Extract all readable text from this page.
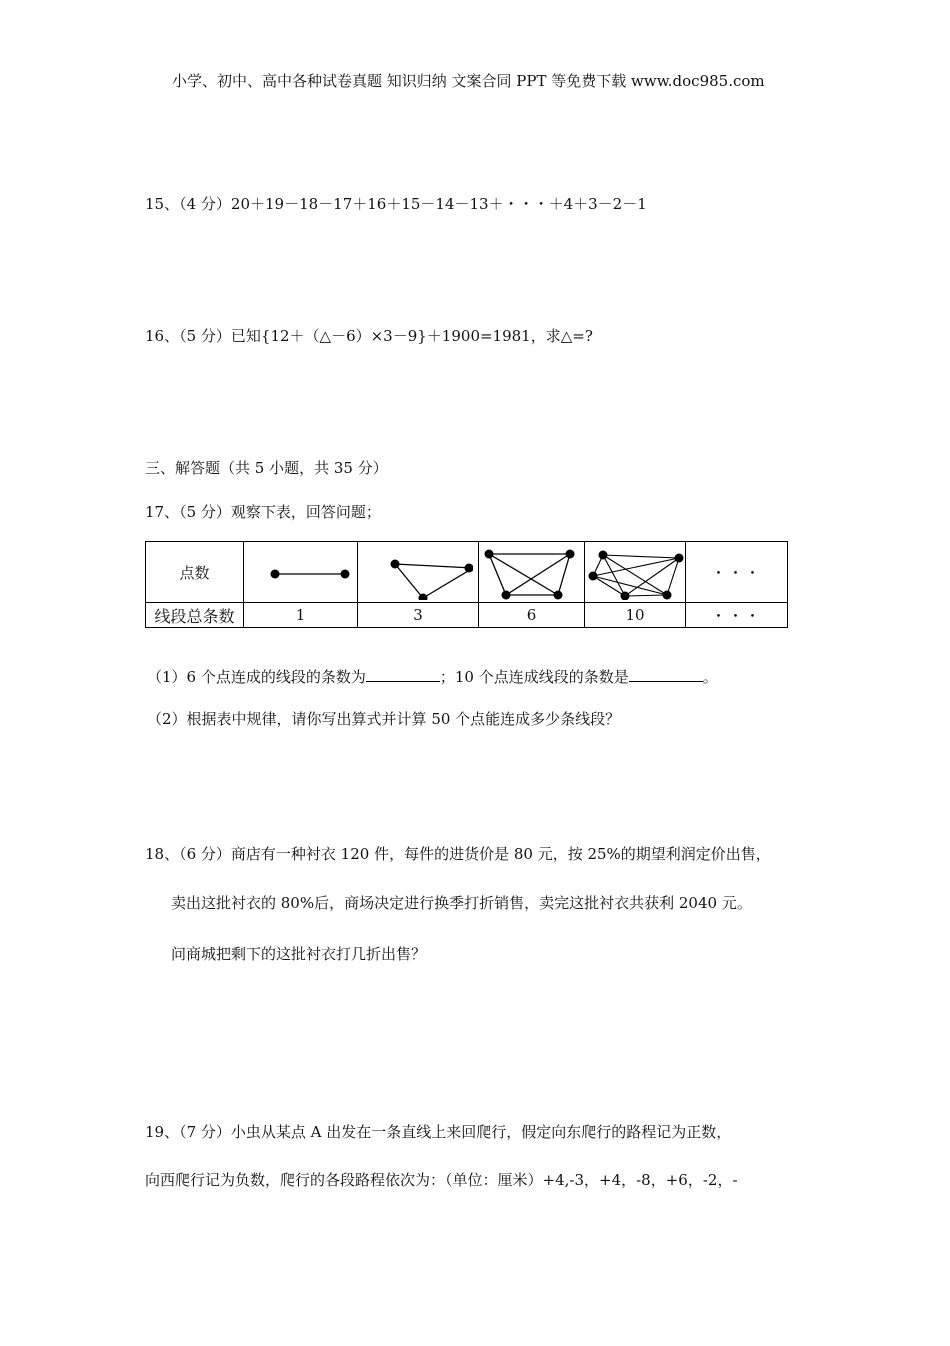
小学、初中、高中各种试卷真题 知识归纳 文案合同 PPT 等免费下载 www.doc985.com
15、（4 分）20＋19－18－17＋16＋15－14－13＋・・・＋4＋3－2－1
16、（5 分）已知{12＋（△－6）×3－9}＋1900=1981，求△=?
三、解答题（共 5 小题，共 35 分）
17、（5 分）观察下表，回答问题；
点数					・・・
线段总条数	1	3	6	10	・・・
（1）6 个点连成的线段的条数为	；10 个点连成线段的条数是	。
（2）根据表中规律，请你写出算式并计算 50 个点能连成多少条线段？
18、（6 分）商店有一种衬衣 120 件，每件的进货价是 80 元，按 25%的期望利润定价出售，
卖出这批衬衣的 80%后，商场决定进行换季打折销售，卖完这批衬衣共获利 2040 元。
问商城把剩下的这批衬衣打几折出售？
19、（7 分）小虫从某点 A 出发在一条直线上来回爬行，假定向东爬行的路程记为正数，
向西爬行记为负数，爬行的各段路程依次为：（单位：厘米）+4,-3，+4，-8，+6，-2，-
